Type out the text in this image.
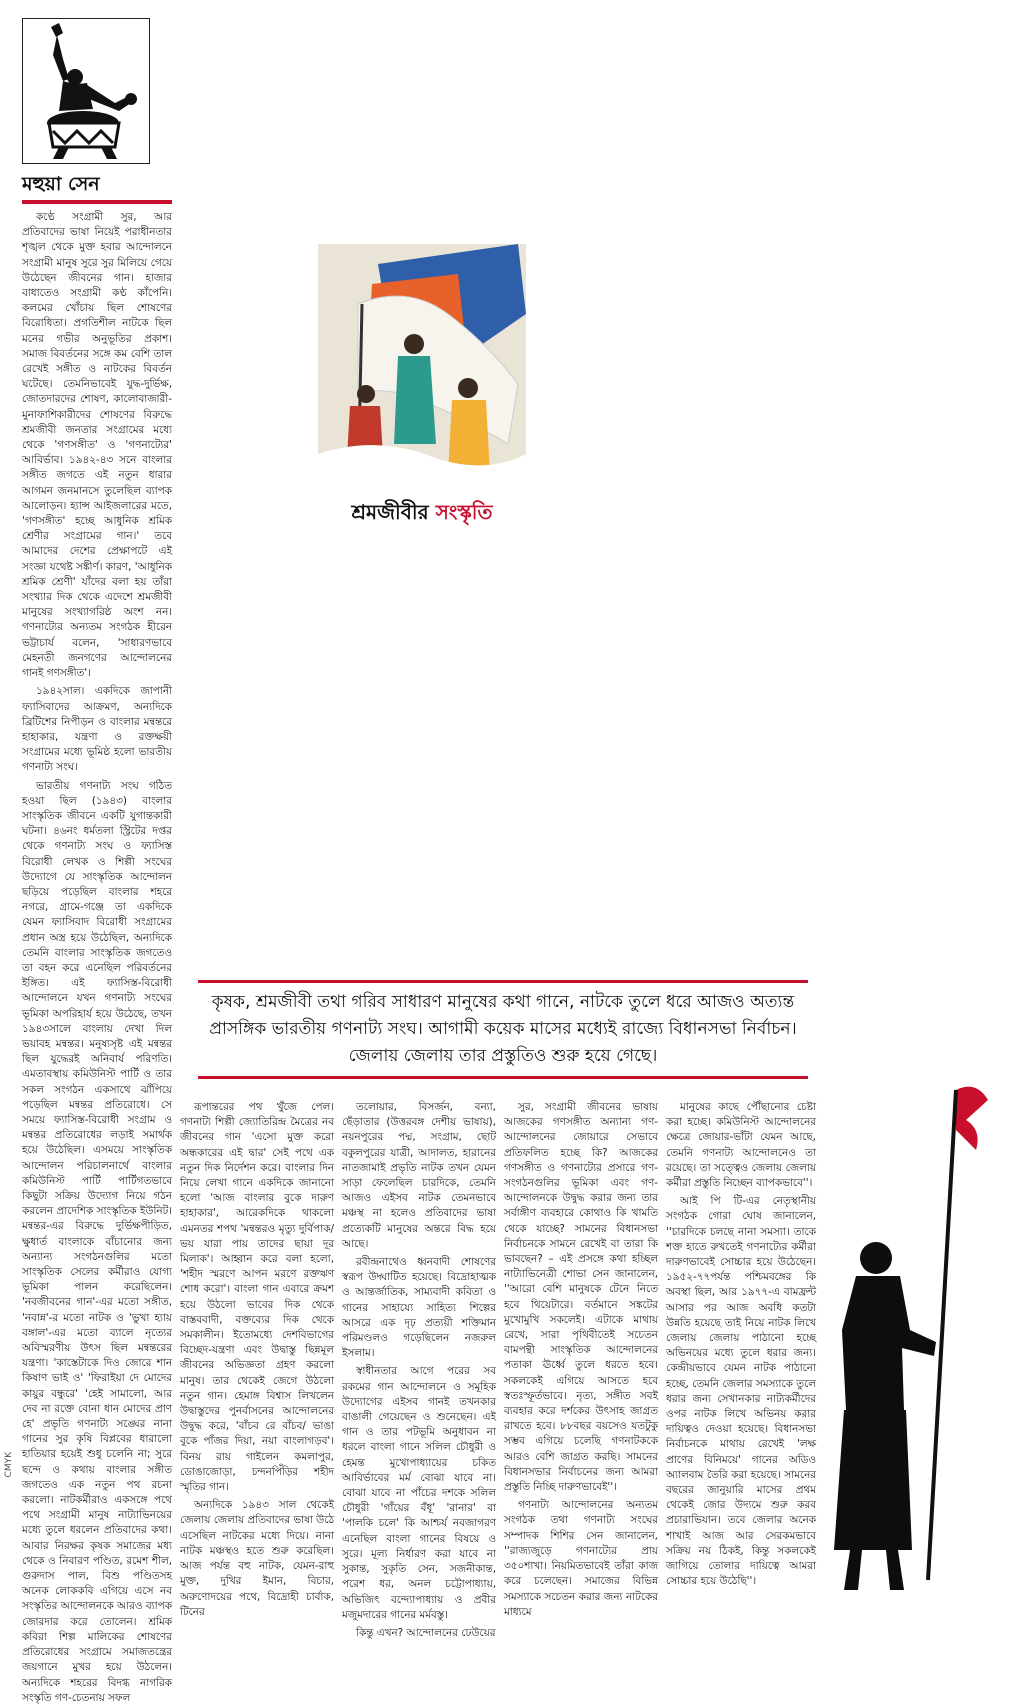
মহুয়া সেন

কণ্ঠে সংগ্রামী সুর, আর প্রতিবাদের ভাষা নিয়েই পরাধীনতার শৃঙ্খল থেকে মুক্ত হবার আন্দোলনে সংগ্রামী মানুষ সুরে সুর মিলিয়ে গেয়ে উঠেছেন জীবনের গান। হাজার বাধাতেও সংগ্রামী কণ্ঠ কাঁপেনি। কলমের খোঁচায় ছিল শোষণের বিরোধিতা। প্রগতিশীল নাটকে ছিল মনের গভীর অনুভূতির প্রকাশ। সমাজ বিবর্তনের সঙ্গে কম বেশি তাল রেখেই সঙ্গীত ও নাটকের বিবর্তন ঘটেছে। তেমনিভাবেই যুদ্ধ-দুর্ভিক্ষ, জোতদারদের শোষণ, কালোবাজারী-মুনাফাশিকারীদের শোষণের বিরুদ্ধে শ্রমজীবী জনতার সংগ্রামের মধ্যে থেকে 'গণসঙ্গীত' ও 'গণনাট্যের' আবির্ভাব। ১৯৪২-৪৩ সনে বাংলার সঙ্গীত জগতে এই নতুন ধারার আগমন জনমানসে তুলেছিল ব্যাপক আলোড়ন। হ্যান্স আইজলারের মতে, 'গণসঙ্গীত' হচ্ছে আধুনিক শ্রমিক শ্রেণীর সংগ্রামের গান।' তবে আমাদের দেশের প্রেক্ষাপটে এই সংজ্ঞা যথেষ্ট সঙ্কীর্ণ। কারণ, 'আধুনিক শ্রমিক শ্রেণী' যাঁদের বলা হয় তাঁরা সংখ্যার দিক থেকে এদেশে শ্রমজীবী মানুষের সংখ্যাগরিষ্ঠ অংশ নন। গণনাট্যের অন্যতম সংগঠক হীরেন ভট্টাচার্য বলেন, 'সাধারণভাবে মেহনতী জনগণের আন্দোলনের গানই গণসঙ্গীত'।

১৯৪২সাল। একদিকে জাপানী ফ্যাসিবাদের আক্রমণ, অন্যদিকে ব্রিটিশের নিপীড়ন ও বাংলার মন্বন্তরে হাহাকার, যন্ত্রণা ও রক্তক্ষয়ী সংগ্রামের মধ্যে ভূমিষ্ঠ হলো ভারতীয় গণনাট্য সংঘ।

ভারতীয় গণনাট্য সংঘ গঠিত হওয়া ছিল (১৯৪৩) বাংলার সাংস্কৃতিক জীবনে একটি যুগান্তকারী ঘটনা। ৪৬নং ধর্মতলা স্ট্রিটের দপ্তর থেকে গণনাট্য সংঘ ও ফ্যাসিস্ত বিরোধী লেখক ও শিল্পী সংঘের উদ্যোগে যে সাংস্কৃতিক আন্দোলন ছড়িয়ে পড়েছিল বাংলার শহরে নগরে, গ্রামে-গঞ্জে তা একদিকে যেমন ফ্যাসিবাদ বিরোধী সংগ্রামের প্রধান অস্ত্র হয়ে উঠেছিল, অন্যদিকে তেমনি বাংলার সাংস্কৃতিক জগতেও তা বহন করে এনেছিল পরিবর্তনের ইঙ্গিত। এই ফ্যাসিস্ত-বিরোধী আন্দোলনে যখন গণনাট্য সংঘের ভূমিকা অপরিহার্য হয়ে উঠেছে, তখন ১৯৪৩সালে বাংলায় দেখা দিল ভয়াবহ মন্বন্তর। মনুষ্যসৃষ্ট এই মন্বন্তর ছিল যুদ্ধেরই অনিবার্য পরিণতি। এমতাবস্থায় কমিউনিস্ট পার্টি ও তার সকল সংগঠন একসাথে ঝাঁপিয়ে পড়েছিল মন্বন্তর প্রতিরোধে। সে সময়ে ফ্যাসিস্ত-বিরোধী সংগ্রাম ও মন্বন্তর প্রতিরোধের লড়াই সমার্থক হয়ে উঠেছিল। এসময়ে সাংস্কৃতিক আন্দোলন পরিচালনার্থে বাংলার কমিউনিস্ট পার্টি পার্টিগতভাবে কিছুটা সক্রিয় উদ্যোগ নিয়ে গঠন করলেন প্রাদেশিক সাংস্কৃতিক ইউনিট। মন্বন্তর-এর বিরুদ্ধে দুর্ভিক্ষপীড়িত, ক্ষুধার্ত বাংলাকে বাঁচানোর জন্য অন্যান্য সংগঠনগুলির মতো সাংস্কৃতিক সেলের কর্মীরাও যোগ্য ভূমিকা পালন করেছিলেন। 'নবজীবনের গান'-এর মতো সঙ্গীত, 'নবান্ন'-র মতো নাটক ও 'ভুখা হ্যায় বঙ্গাল'-এর মতো ব্যালে নৃত্যের অবিস্মরণীয় উৎস ছিল মন্বন্তরের যন্ত্রণা। 'কাস্তেটাকে দিও জোরে শান কিষাণ ভাই ও' 'ফিরাইয়া দে মোদের কায়ুর বন্ধুরে' 'হেই সামালো, আর দেব না রক্তে বোনা ধান মোদের প্রাণ হে' প্রভৃতি গণনাট্য সঙ্ঘের নানা গানের সুর কৃষি বিপ্লবের ধারালো হাতিয়ার হয়েই শুধু চলেনি না; সুরে ছন্দে ও কথায় বাংলার সঙ্গীত জগতেও এক নতুন পথ রচনা করলো। নাটকর্মীরাও একসঙ্গে পথে পথে সংগ্রামী মানুষ নাট্যাভিনয়ের মধ্যে তুলে ধরলেন প্রতিবাদের কথা। আবার নিরক্ষর কৃষক সমাজের মধ্য থেকে ও নিবারণ পণ্ডিত, রমেশ শীল, গুরুদাস পাল, বিশু পণ্ডিতসহ অনেক লোককবি এগিয়ে এসে নব সংস্কৃতির আন্দোলনকে আরও ব্যাপক জোরদার করে তোলেন। শ্রমিক কবিরা শিল্প মালিকের শোষণের প্রতিরোধের সংগ্রামে সমাজতন্ত্রের জয়গানে মুখর হয়ে উঠলেন। অন্যদিকে শহরের বিদগ্ধ নাগরিক সংস্কৃতি গণ-চেতনায় সফল

শ্রমজীবীর সংস্কৃতি
কৃষক, শ্রমজীবী তথা গরিব সাধারণ মানুষের কথা গানে, নাটকে তুলে ধরে আজও অত্যন্ত প্রাসঙ্গিক ভারতীয় গণনাট্য সংঘ। আগামী কয়েক মাসের মধ্যেই রাজ্যে বিধানসভা নির্বাচন। জেলায় জেলায় তার প্রস্তুতিও শুরু হয়ে গেছে।

রূপান্তরের পথ খুঁজে পেল। গণনাট্য শিল্পী জ্যোতিরিন্দ্র মৈত্রের নব জীবনের গান 'এসো মুক্ত করো অন্ধকারের এই দ্বার' সেই পথে এক নতুন দিক নির্দেশন করে। বাংলার দিন নিয়ে লেখা গানে একদিকে জানানো হলো 'আজ বাংলার বুকে দারুণ হাহাকার', আরেকদিকে থাকলো এমনতর শপথ 'মন্বন্তরও মৃত্যু দুর্বিপাক/ ভয় যারা পায় তাদের ছায়া দূর মিলাক'। আহ্বান করে বলা হলো, 'শহীদ স্মরণে আপন মরণে রক্তঋণ শোধ করো'। বাংলা গান এবারে ক্রমশ হয়ে উঠলো ভাবের দিক থেকে বাস্তববাদী, বক্তব্যের দিক থেকে সমকালীন। ইতোমধ্যে দেশবিভাগের বিচ্ছেদ-যন্ত্রণা এবং উদ্বাস্তু ছিন্নমূল জীবনের অভিজ্ঞতা গ্রহণ করলো মানুষ। তার থেকেই জেগে উঠলো নতুন গান। হেমাঙ্গ বিশ্বাস লিখলেন উদ্বাস্তুদের পুনর্বাসনের আন্দোলনের উদ্বুদ্ধ করে, 'বাঁচব রে বাঁচব/ ভাঙা বুকে পাঁজর দিয়া, নয়া বাংলাগড়ব'। বিনয় রায় গাইলেন কমলাপুর, ডোঙাজোড়া, চন্দনপিঁড়ির শহীদ স্মৃতির গান।

অন্যদিকে ১৯৪৩ সাল থেকেই জেলায় জেলায় প্রতিবাদের ভাষা উঠে এসেছিল নাটকের মধ্যে দিয়ে। নানা নাটক মঞ্চস্থও হতে শুরু করেছিল। আজ পর্যন্ত বহু নাটক, যেমন-রাহু মুক্ত, দুখির ইমান, বিচার, অরুণোদয়ের পথে, বিদ্রোহী চার্বাক, টিনের

তলোয়ার, বিসর্জন, বন্যা, ছেঁড়াতার (উত্তরবঙ্গ দেশীয় ভাষায়), নয়নপুরের পদ্ম, সংগ্রাম, ছোট বকুলপুরের যাত্রী, আদালত, হারানের নাতজামাই প্রভৃতি নাটক তখন যেমন সাড়া ফেলেছিল চারদিকে, তেমনি আজও এইসব নাটক তেমনভাবে মঞ্চস্থ না হলেও প্রতিবাদের ভাষা প্রত্যেকটি মানুষের অন্তরে বিদ্ধ হয়ে আছে।

রবীন্দ্রনাথেও ধ্বনবাদী শোষণের স্বরূপ উদ্ঘাটিত হয়েছে। বিদ্রোহাত্মক ও আন্তর্জাতিক, সাম্যবাদী কবিতা ও গানের সাহায্যে সাহিত্য শিল্পের আসরে এক দৃঢ় প্রত্যয়ী শক্তিমান পরিমণ্ডলও গড়েছিলেন নজরুল ইসলাম।

স্বাধীনতার আগে পরের সব রকমের গান আন্দোলনে ও সমূহিক উদ্যোগের এইসব গানই তখনকার বাঙালী গেয়েছেন ও শুনেছেন। এই গান ও তার পটভূমি অনুধাবন না ধরলে বাংলা গানে সলিল চৌধুরী ও হেমন্ত মুখোপাধ্যায়ের চকিত আবির্ভাবের মর্ম বোঝা যাবে না। বোঝা যাবে না পাঁচের দশকে সলিল চৌধুরী 'গাঁয়ের বঁধূ' 'রানার' বা 'পালকি চলে' কি আশ্চর্য নবজাগরণ এনেছিল বাংলা গানের বিষয়ে ও সুরে। মূল্য নির্ধারণ করা যাবে না সুকান্ত, সুকৃতি সেন, সজনীকান্ত, পরেশ ধর, অনল চট্টোপাধ্যায়, অভিজিৎ বন্দ্যোপাধ্যায় ও প্রবীর মজুমদারের গানের মর্মবস্তু।

কিন্তু এখন? আন্দোলনের ঢেউয়ের

সুর, সংগ্রামী জীবনের ভাষায় আজকের গণসঙ্গীত অন্যান্য গণ-আন্দোলনের জোয়ারে সেভাবে প্রতিফলিত হচ্ছে কি? আজকের গণসঙ্গীত ও গণনাট্যের প্রসারে গণ-সংগঠনগুলির ভূমিকা এবং গণ-আন্দোলনকে উদ্বুদ্ধ করার জন্য তার সর্বাঙ্গীণ ব্যবহারে কোথাও কি খামতি থেকে যাচ্ছে? সামনের বিধানসভা নির্বাচনকে সামনে রেখেই বা তারা কি ভাবছেন? – এই প্রসঙ্গে কথা হচ্ছিল নাট্যাভিনেত্রী শোভা সেন জানালেন, ''আরো বেশি মানুষকে টেনে নিতে হবে থিয়েটারে। বর্তমানে সঙ্কটের মুখোমুখি সকলেই। এটাকে মাথায় রেখে, সারা পৃথিবীতেই সচেতন বামপন্থী সাংস্কৃতিক আন্দোলনের পতাকা ঊর্ধ্বে তুলে ধরতে হবে। সকলকেই এগিয়ে আসতে হবে স্বতঃস্ফূর্তভাবে। নৃত্য, সঙ্গীত সবই ব্যবহার করে দর্শকের উৎসাহ জাগ্রত রাখতে হবে। ৮৮বছর বয়সেও যতটুকু সম্ভব এগিয়ে চলেছি গণনাটককে আরও বেশি জাগ্রত করছি। সামনের বিধানসভার নির্বাচনের জন্য আমরা প্রস্তুতি নিচ্ছি দারুণভাবেই''।

গণনাট্য আন্দোলনের অন্যতম সংগঠক তথা গণনাট্য সংঘের সম্পাদক শিশির সেন জানালেন, ''রাজ্যজুড়ে গণনাট্যের প্রায় ৩৫০শাখা। নিয়মিতভাবেই তাঁরা কাজ করে চলেছেন। সমাজের বিভিন্ন সমস্যাকে সচেতন করার জন্য নাটকের মাধ্যমে

মানুষের কাছে পৌঁছানোর চেষ্টা করা হচ্ছে। কমিউনিস্ট আন্দোলনের ক্ষেত্রে জোয়ার-ভাঁটা যেমন আছে, তেমনি গণনাট্য আন্দোলনেও তা রয়েছে। তা সত্ত্বেও জেলায় জেলায় কর্মীরা প্রস্তুতি নিচ্ছেন ব্যাপকভাবে''।

আই পি টি-এর নেতৃস্থানীয় সংগঠক গোরা ঘোষ জানালেন, ''চারদিকে চলছে নানা সমস্যা। তাকে শক্ত হাতে রুখতেই গণনাট্যের কর্মীরা দারুণভাবেই সোচ্চার হয়ে উঠেছেন। ১৯৫২-৭৭পর্যন্ত পশ্চিমবঙ্গের কি অবস্থা ছিল, আর ১৯৭৭-এ বামফ্রন্ট আসার পর আজ অবধি কতটা উন্নতি হয়েছে তাই নিয়ে নাটক লিখে জেলায় জেলায় পাঠানো হচ্ছে অভিনয়ের মধ্যে তুলে ধরার জন্য। কেন্দ্রীয়ভাবে যেমন নাটক পাঠানো হচ্ছে, তেমনি জেলার সমস্যাকে তুলে ধরার জন্য সেখানকার নাট্যকর্মীদের ওপর নাটক লিখে অভিনয় করার দায়িত্বও দেওয়া হয়েছে। বিধানসভা নির্বাচনকে মাথায় রেখেই 'লক্ষ প্রাণের বিনিময়ে' গানের অডিও অ্যালবাম তৈরি করা হয়েছে। সামনের বছরের জানুয়ারি মাসের প্রথম থেকেই জোর উদ্যমে শুরু করব প্রচারাভিযান। তবে জেলার অনেক শাখাই আজ আর সেরকমভাবে সক্রিয় নয় ঠিকই, কিন্তু সকলকেই জাগিয়ে তোলার দায়িত্বে আমরা সোচ্চার হয়ে উঠেছি''।

CMYK
